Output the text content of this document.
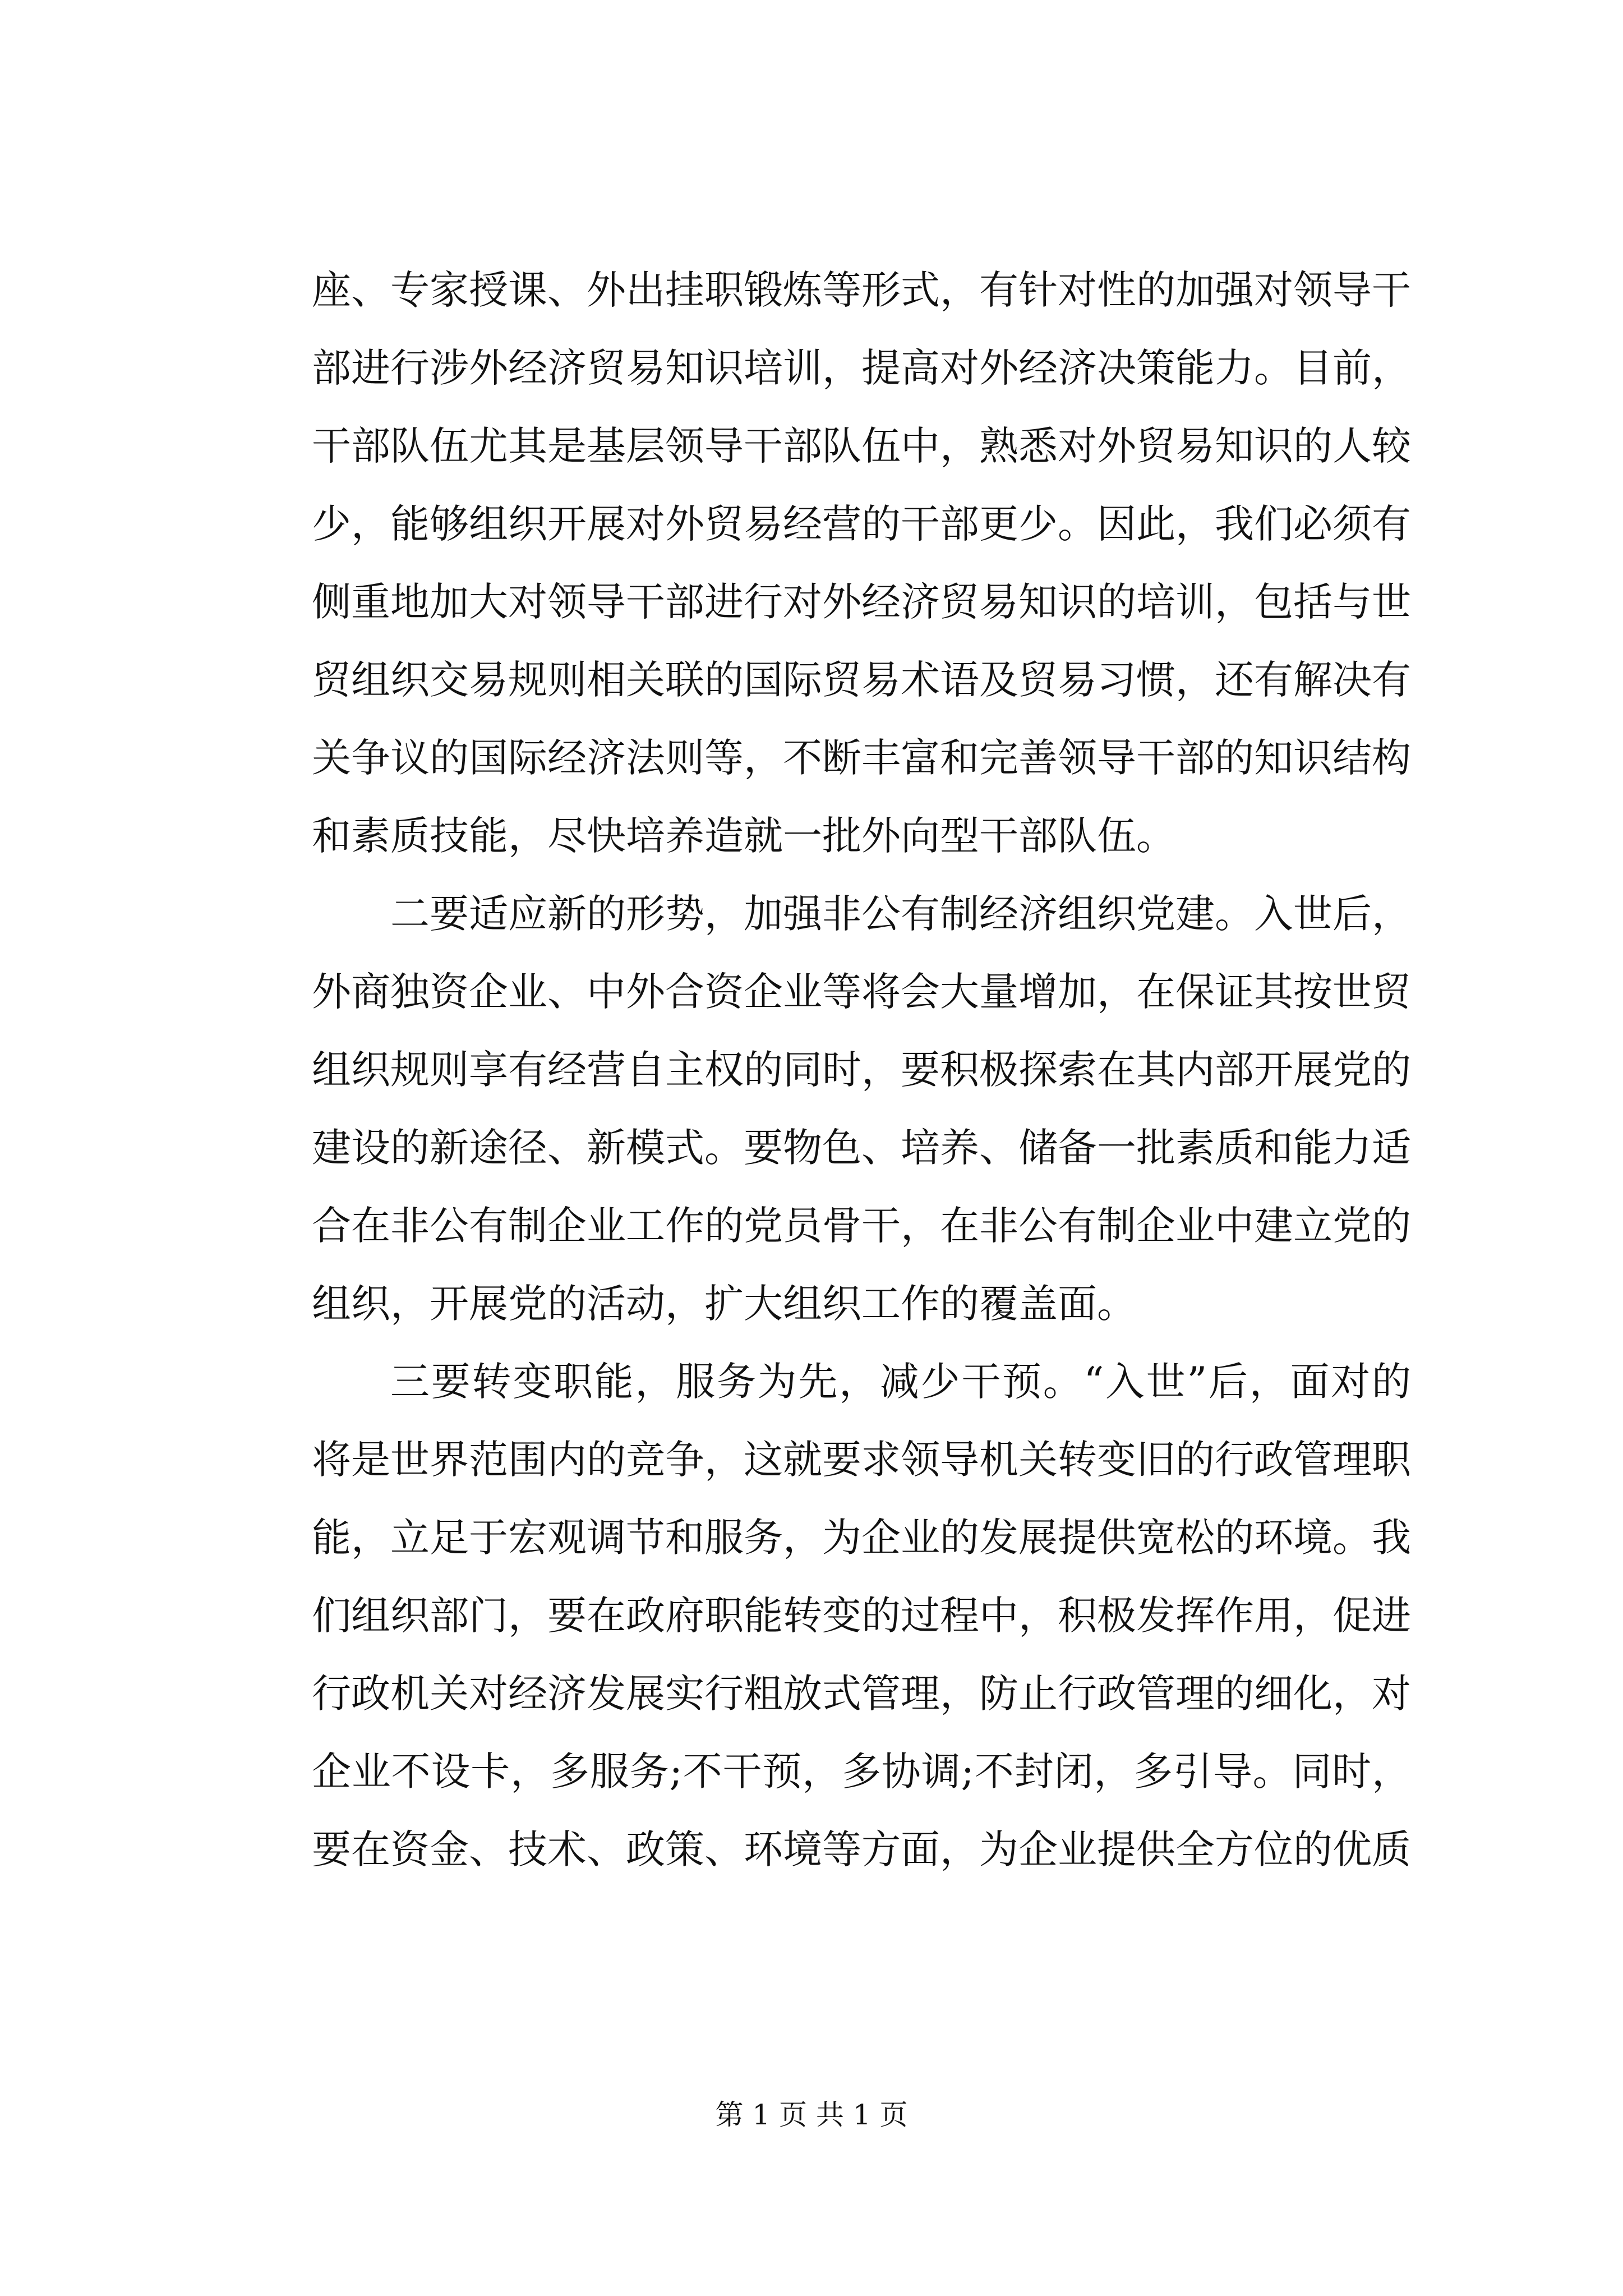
座、专家授课、外出挂职锻炼等形式，有针对性的加强对领导干部进行涉外经济贸易知识培训，提高对外经济决策能力。目前，干部队伍尤其是基层领导干部队伍中，熟悉对外贸易知识的人较少，能够组织开展对外贸易经营的干部更少。因此，我们必须有侧重地加大对领导干部进行对外经济贸易知识的培训，包括与世贸组织交易规则相关联的国际贸易术语及贸易习惯，还有解决有关争议的国际经济法则等，不断丰富和完善领导干部的知识结构和素质技能，尽快培养造就一批外向型干部队伍。

二要适应新的形势，加强非公有制经济组织党建。入世后，外商独资企业、中外合资企业等将会大量增加，在保证其按世贸组织规则享有经营自主权的同时，要积极探索在其内部开展党的建设的新途径、新模式。要物色、培养、储备一批素质和能力适合在非公有制企业工作的党员骨干，在非公有制企业中建立党的组织，开展党的活动，扩大组织工作的覆盖面。

三要转变职能，服务为先，减少干预。“入世”后，面对的将是世界范围内的竞争，这就要求领导机关转变旧的行政管理职能，立足于宏观调节和服务，为企业的发展提供宽松的环境。我们组织部门，要在政府职能转变的过程中，积极发挥作用，促进行政机关对经济发展实行粗放式管理，防止行政管理的细化，对企业不设卡，多服务;不干预，多协调;不封闭，多引导。同时，要在资金、技术、政策、环境等方面，为企业提供全方位的优质

第 1 页 共 1 页
